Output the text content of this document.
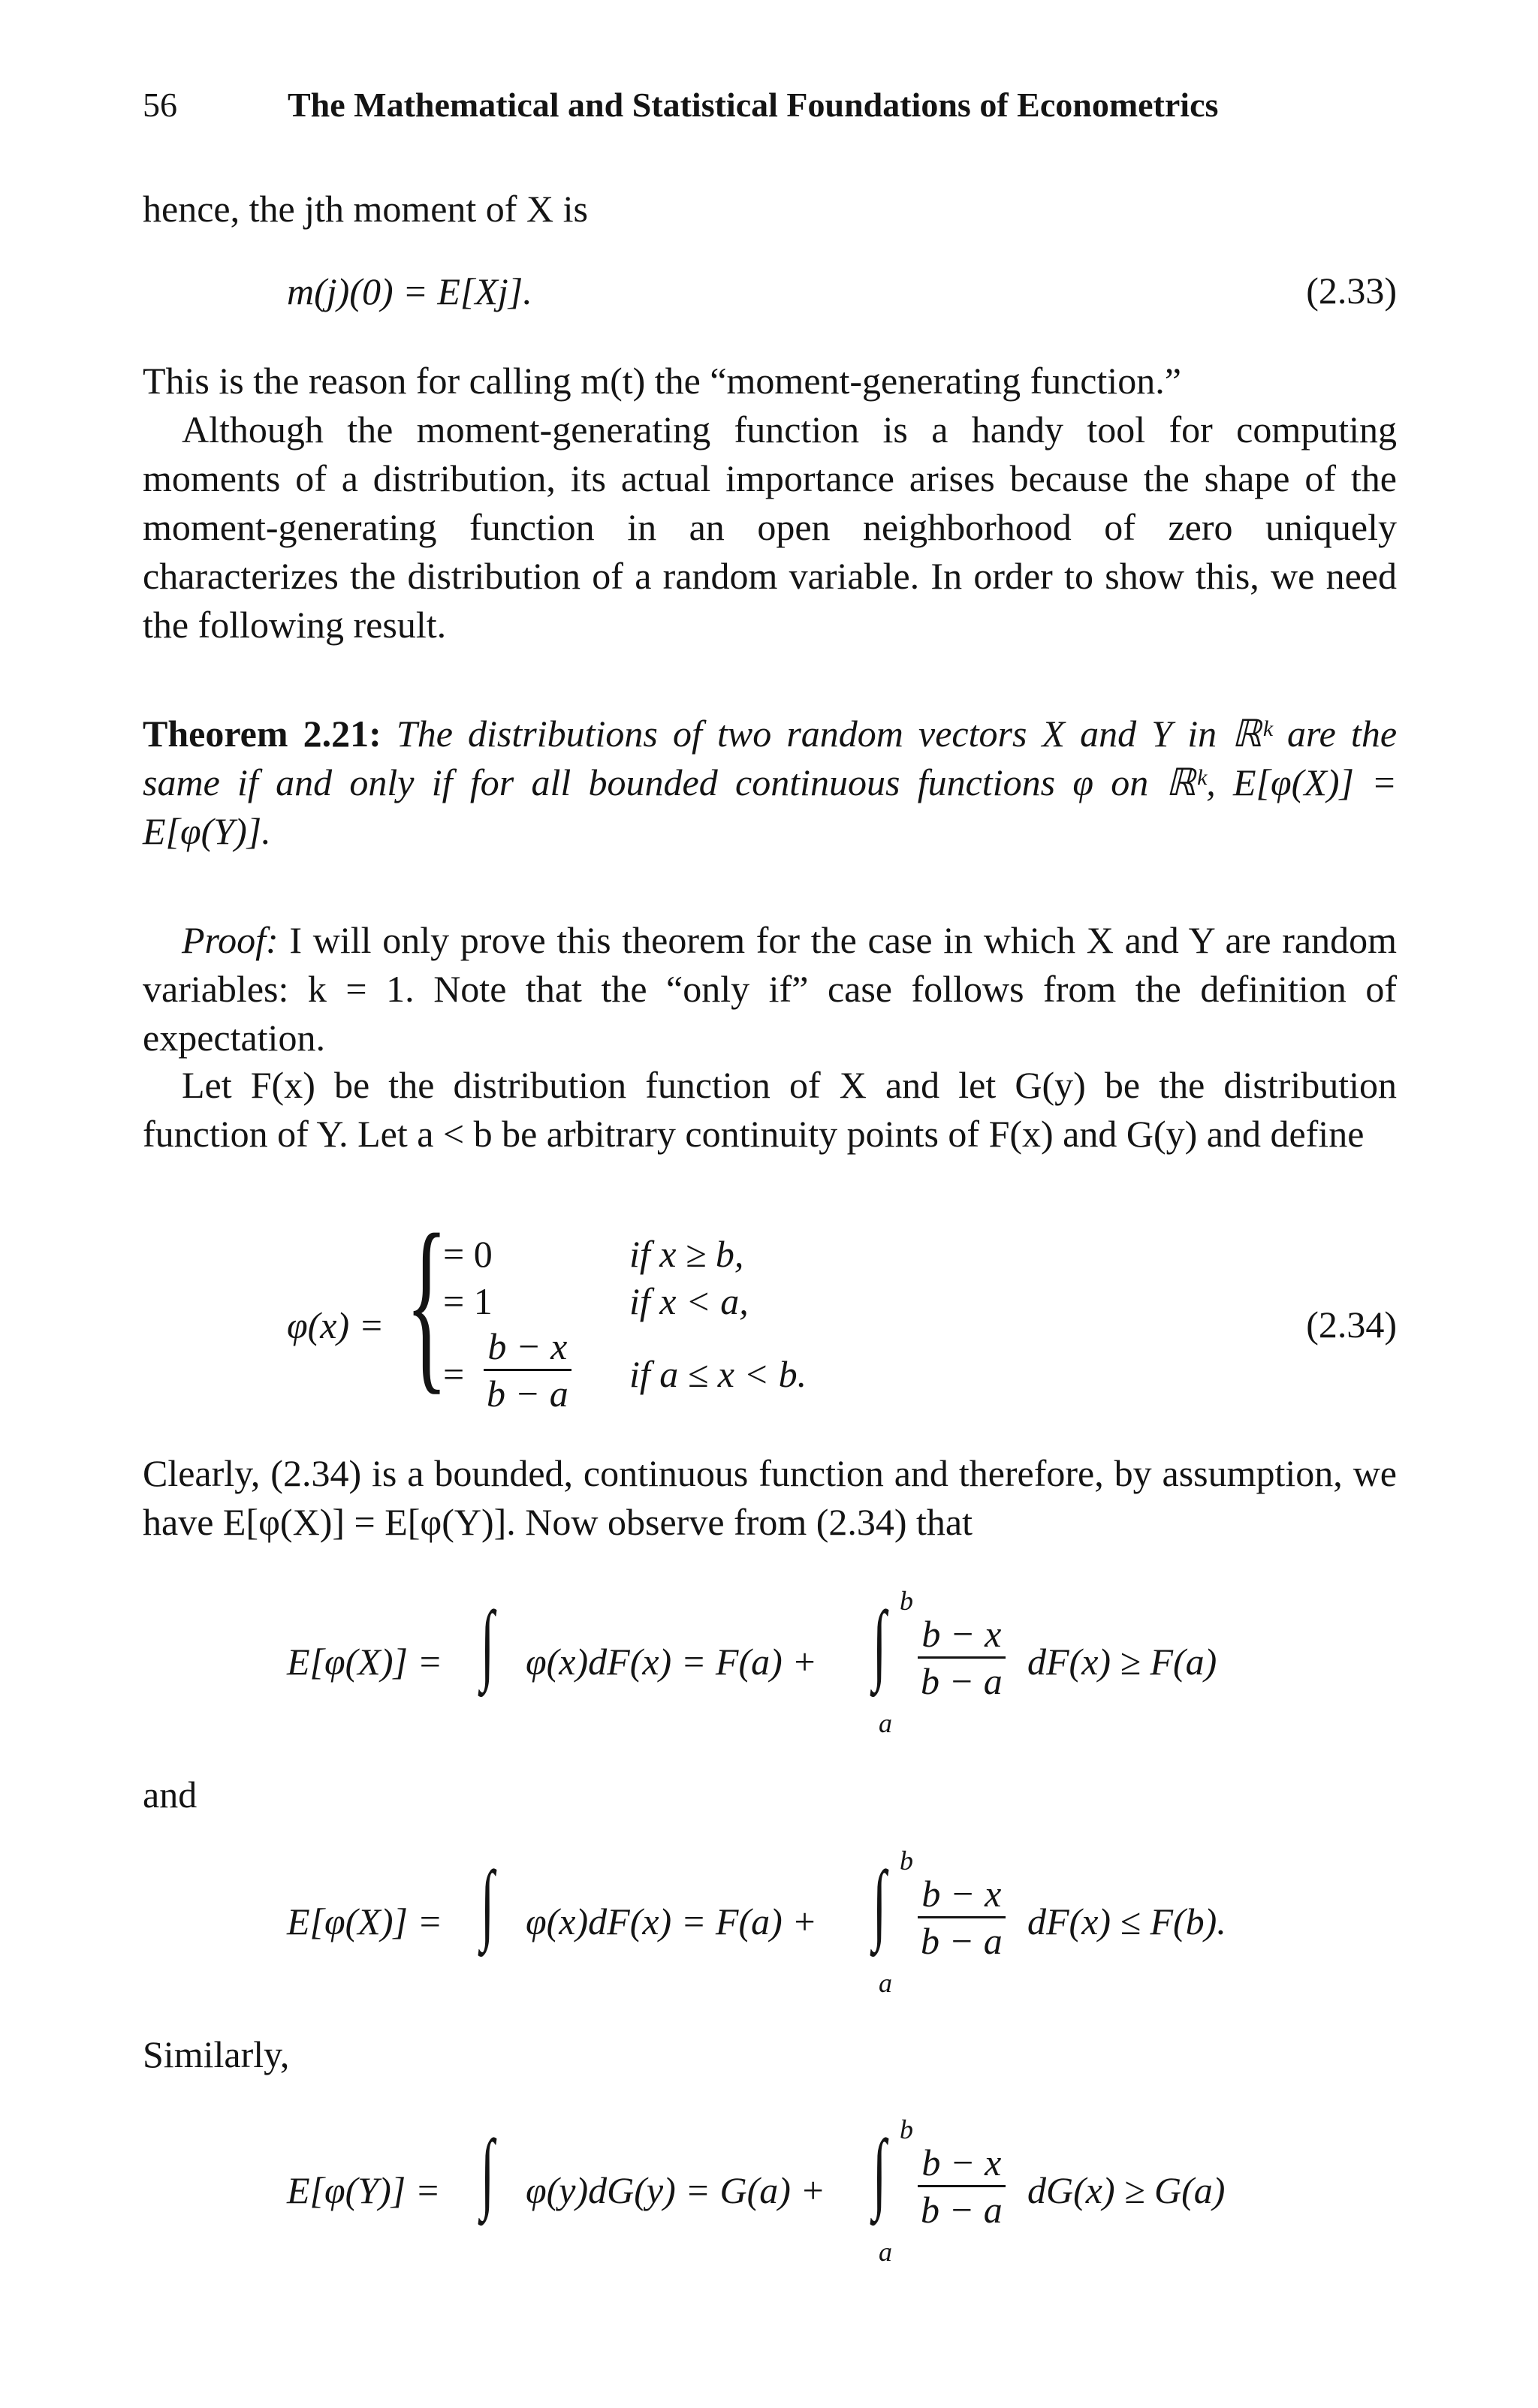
56	The Mathematical and Statistical Foundations of Econometrics
hence, the jth moment of X is
m(j)(0) = E[Xj].	(2.33)
This is the reason for calling m(t) the “moment-generating function.”
Although the moment-generating function is a handy tool for computing moments of a distribution, its actual importance arises because the shape of the moment-generating function in an open neighborhood of zero uniquely characterizes the distribution of a random variable. In order to show this, we need the following result.
Theorem 2.21: The distributions of two random vectors X and Y in ℝᵏ are the same if and only if for all bounded continuous functions φ on ℝᵏ, E[φ(X)] = E[φ(Y)].
Proof: I will only prove this theorem for the case in which X and Y are random variables: k = 1. Note that the “only if” case follows from the definition of expectation.
Let F(x) be the distribution function of X and let G(y) be the distribution function of Y. Let a < b be arbitrary continuity points of F(x) and G(y) and define
φ(x) = {
= 0	if x ≥ b,
= 1	if x < a,
= $\frac{b - x}{b - a}$ if a ≤ x < b.
(2.34)
Clearly, (2.34) is a bounded, continuous function and therefore, by assumption, we have E[φ(X)] = E[φ(Y)]. Now observe from (2.34) that
E[φ(X)] = ∫ φ(x)dF(x) = F(a) + ∫ b
a
$\frac{b - x}{b - a} dF(x) \ge F(a)$
and
E[φ(X)] = ∫ φ(x)dF(x) = F(a) + ∫ b
a
$\frac{b - x}{b - a} dF(x) \le F(b)$.
Similarly,
E[φ(Y)] = ∫ φ(y)dG(y) = G(a) + ∫ b
a
$\frac{b - x}{b - a} dG(x) \ge G(a)$
